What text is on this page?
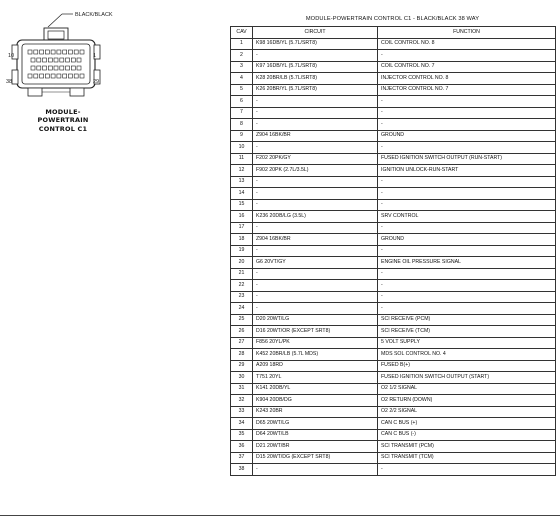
BLACK/BLACK
10	1
38	29
MODULE-
POWERTRAIN
CONTROL C1
MODULE-POWERTRAIN CONTROL C1 - BLACK/BLACK 38 WAY
CAV	CIRCUIT	FUNCTION
1	K98 16DB/YL (5.7L/SRT8)	COIL CONTROL NO. 8
2	-	-
3	K97 16DB/YL (5.7L/SRT8)	COIL CONTROL NO. 7
4	K28 20BR/LB (5.7L/SRT8)	INJECTOR CONTROL NO. 8
5	K26 20BR/YL (5.7L/SRT8)	INJECTOR CONTROL NO. 7
6	-	-
7	-	-
8	-	-
9	Z904 16BK/BR	GROUND
10	-	-
11	F202 20PK/GY	FUSED IGNITION SWITCH OUTPUT (RUN-START)
12	F902 20PK (2.7L/3.5L)	IGNITION UNLOCK-RUN-START
13	-	-
14	-	-
15	-	-
16	K236 20DB/LG (3.5L)	SRV CONTROL
17	-	-
18	Z904 16BK/BR	GROUND
19	-	-
20	G6 20VT/GY	ENGINE OIL PRESSURE SIGNAL
21	-	-
22	-	-
23	-	-
24	-	-
25	D20 20WT/LG	SCI RECEIVE (PCM)
26	D16 20WT/OR (EXCEPT SRT8)	SCI RECEIVE (TCM)
27	F856 20YL/PK	5 VOLT SUPPLY
28	K452 20BR/LB (5.7L MDS)	MDS SOL CONTROL NO. 4
29	A209 18RD	FUSED B(+)
30	T751 20YL	FUSED IGNITION SWITCH OUTPUT (START)
31	K141 20DB/YL	O2 1/2 SIGNAL
32	K904 20DB/DG	O2 RETURN (DOWN)
33	K243 20BR	O2 2/2 SIGNAL
34	D65 20WT/LG	CAN C BUS (+)
35	D64 20WT/LB	CAN C BUS (-)
36	D21 20WT/BR	SCI TRANSMIT (PCM)
37	D15 20WT/DG (EXCEPT SRT8)	SCI TRANSMIT (TCM)
38	-	-
